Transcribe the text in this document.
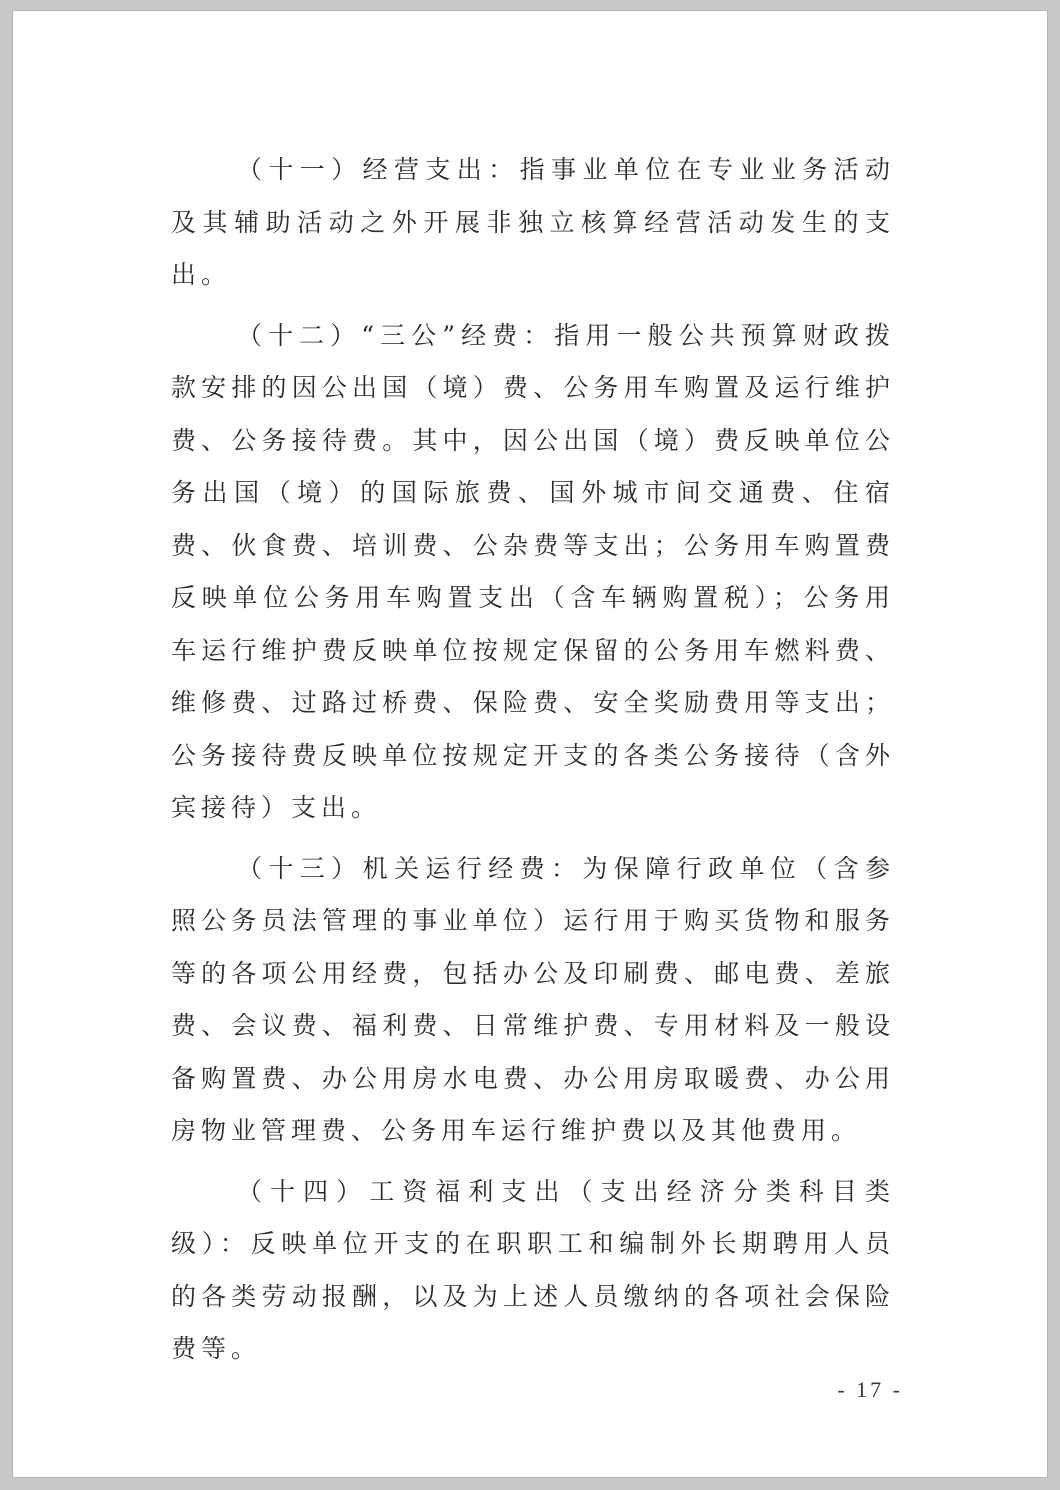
（十一）经营支出：指事业单位在专业业务活动及其辅助活动之外开展非独立核算经营活动发生的支出。

（十二）“三公”经费：指用一般公共预算财政拨款安排的因公出国（境）费、公务用车购置及运行维护费、公务接待费。其中，因公出国（境）费反映单位公务出国（境）的国际旅费、国外城市间交通费、住宿费、伙食费、培训费、公杂费等支出；公务用车购置费反映单位公务用车购置支出（含车辆购置税）；公务用车运行维护费反映单位按规定保留的公务用车燃料费、维修费、过路过桥费、保险费、安全奖励费用等支出；公务接待费反映单位按规定开支的各类公务接待（含外宾接待）支出。

（十三）机关运行经费：为保障行政单位（含参照公务员法管理的事业单位）运行用于购买货物和服务等的各项公用经费，包括办公及印刷费、邮电费、差旅费、会议费、福利费、日常维护费、专用材料及一般设备购置费、办公用房水电费、办公用房取暖费、办公用房物业管理费、公务用车运行维护费以及其他费用。

（十四）工资福利支出（支出经济分类科目类级）：反映单位开支的在职职工和编制外长期聘用人员的各类劳动报酬，以及为上述人员缴纳的各项社会保险费等。

- 17 -
